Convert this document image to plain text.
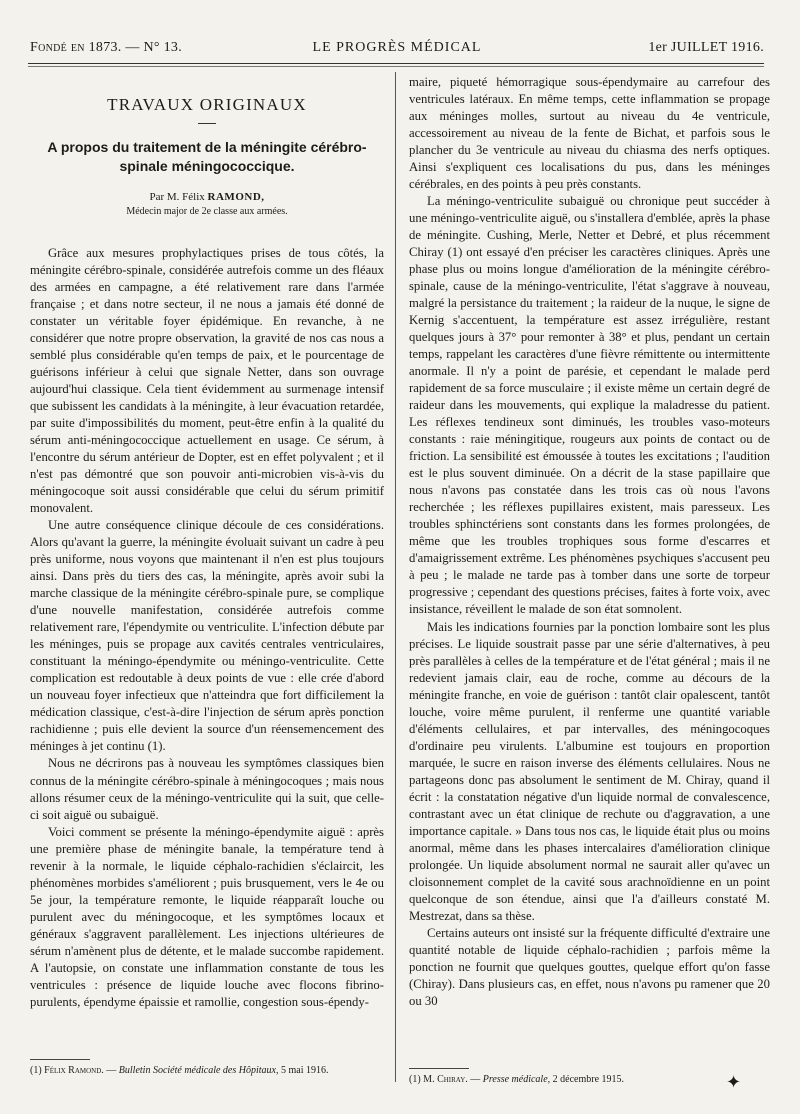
Fondé en 1873. — N° 13.	LE PROGRÈS MÉDICAL	1er JUILLET 1916.
TRAVAUX ORIGINAUX
A propos du traitement de la méningite cérébro-spinale méningococcique.
Par M. Félix RAMOND,
Médecin major de 2e classe aux armées.

Grâce aux mesures prophylactiques prises de tous côtés, la méningite cérébro-spinale, considérée autrefois comme un des fléaux des armées en campagne, a été relativement rare dans l'armée française ; et dans notre secteur, il ne nous a jamais été donné de constater un véritable foyer épidémique. En revanche, à ne considérer que notre propre observation, la gravité de nos cas nous a semblé plus considérable qu'en temps de paix, et le pourcentage de guérisons inférieur à celui que signale Netter, dans son ouvrage aujourd'hui classique. Cela tient évidemment au surmenage intensif que subissent les candidats à la méningite, à leur évacuation retardée, par suite d'impossibilités du moment, peut-être enfin à la qualité du sérum anti-méningococcique actuellement en usage. Ce sérum, à l'encontre du sérum antérieur de Dopter, est en effet polyvalent ; et il n'est pas démontré que son pouvoir anti-microbien vis-à-vis du méningocoque soit aussi considérable que celui du sérum primitif monovalent.

Une autre conséquence clinique découle de ces considérations. Alors qu'avant la guerre, la méningite évoluait suivant un cadre à peu près uniforme, nous voyons que maintenant il n'en est plus toujours ainsi. Dans près du tiers des cas, la méningite, après avoir subi la marche classique de la méningite cérébro-spinale pure, se complique d'une nouvelle manifestation, considérée autrefois comme relativement rare, l'épendymite ou ventriculite. L'infection débute par les méninges, puis se propage aux cavités centrales ventriculaires, constituant la méningo-épendymite ou méningo-ventriculite. Cette complication est redoutable à deux points de vue : elle crée d'abord un nouveau foyer infectieux que n'atteindra que fort difficilement la médication classique, c'est-à-dire l'injection de sérum après ponction rachidienne ; puis elle devient la source d'un réensemencement des méninges à jet continu (1).

Nous ne décrirons pas à nouveau les symptômes classiques bien connus de la méningite cérébro-spinale à méningocoques ; mais nous allons résumer ceux de la méningo-ventriculite qui la suit, que celle-ci soit aiguë ou subaiguë.

Voici comment se présente la méningo-épendymite aiguë : après une première phase de méningite banale, la température tend à revenir à la normale, le liquide céphalo-rachidien s'éclaircit, les phénomènes morbides s'améliorent ; puis brusquement, vers le 4e ou 5e jour, la température remonte, le liquide réapparaît louche ou purulent avec du méningocoque, et les symptômes locaux et généraux s'aggravent parallèlement. Les injections ultérieures de sérum n'amènent plus de détente, et le malade succombe rapidement. A l'autopsie, on constate une inflammation constante de tous les ventricules : présence de liquide louche avec flocons fibrino-purulents, épendyme épaissie et ramollie, congestion sous-épendy-

(1) Félix Ramond. — Bulletin Société médicale des Hôpitaux, 5 mai 1916.

maire, piqueté hémorragique sous-épendymaire au carrefour des ventricules latéraux. En même temps, cette inflammation se propage aux méninges molles, surtout au niveau du 4e ventricule, accessoirement au niveau de la fente de Bichat, et parfois sous le plancher du 3e ventricule au niveau du chiasma des nerfs optiques. Ainsi s'expliquent ces localisations du pus, dans les méninges cérébrales, en des points à peu près constants.

La méningo-ventriculite subaiguë ou chronique peut succéder à une méningo-ventriculite aiguë, ou s'installera d'emblée, après la phase de méningite. Cushing, Merle, Netter et Debré, et plus récemment Chiray (1) ont essayé d'en préciser les caractères cliniques. Après une phase plus ou moins longue d'amélioration de la méningite cérébro-spinale, cause de la méningo-ventriculite, l'état s'aggrave à nouveau, malgré la persistance du traitement ; la raideur de la nuque, le signe de Kernig s'accentuent, la température est assez irrégulière, restant quelques jours à 37° pour remonter à 38° et plus, pendant un certain temps, rappelant les caractères d'une fièvre rémittente ou intermittente anormale. Il n'y a point de parésie, et cependant le malade perd rapidement de sa force musculaire ; il existe même un certain degré de raideur dans les mouvements, qui explique la maladresse du patient. Les réflexes tendineux sont diminués, les troubles vaso-moteurs constants : raie méningitique, rougeurs aux points de contact ou de friction. La sensibilité est émoussée à toutes les excitations ; l'audition est le plus souvent diminuée. On a décrit de la stase papillaire que nous n'avons pas constatée dans les trois cas où nous l'avons recherchée ; les réflexes pupillaires existent, mais paresseux. Les troubles sphinctériens sont constants dans les formes prolongées, de même que les troubles trophiques sous forme d'escarres et d'amaigrissement extrême. Les phénomènes psychiques s'accusent peu à peu ; le malade ne tarde pas à tomber dans une sorte de torpeur progressive ; cependant des questions précises, faites à forte voix, avec insistance, réveillent le malade de son état somnolent.

Mais les indications fournies par la ponction lombaire sont les plus précises. Le liquide soustrait passe par une série d'alternatives, à peu près parallèles à celles de la température et de l'état général ; mais il ne redevient jamais clair, eau de roche, comme au décours de la méningite franche, en voie de guérison : tantôt clair opalescent, tantôt louche, voire même purulent, il renferme une quantité variable d'éléments cellulaires, et par intervalles, des méningocoques d'ordinaire peu virulents. L'albumine est toujours en proportion marquée, le sucre en raison inverse des éléments cellulaires. Nous ne partageons donc pas absolument le sentiment de M. Chiray, quand il écrit : la constatation négative d'un liquide normal de convalescence, contrastant avec un état clinique de rechute ou d'aggravation, a une importance capitale. » Dans tous nos cas, le liquide était plus ou moins anormal, même dans les phases intercalaires d'amélioration clinique prolongée. Un liquide absolument normal ne saurait aller qu'avec un cloisonnement complet de la cavité sous arachnoïdienne en un point quelconque de son étendue, ainsi que l'a d'ailleurs constaté M. Mestrezat, dans sa thèse.

Certains auteurs ont insisté sur la fréquente difficulté d'extraire une quantité notable de liquide céphalo-rachidien ; parfois même la ponction ne fournit que quelques gouttes, quelque effort qu'on fasse (Chiray). Dans plusieurs cas, en effet, nous n'avons pu ramener que 20 ou 30

(1) M. Chiray. — Presse médicale, 2 décembre 1915.	✦
